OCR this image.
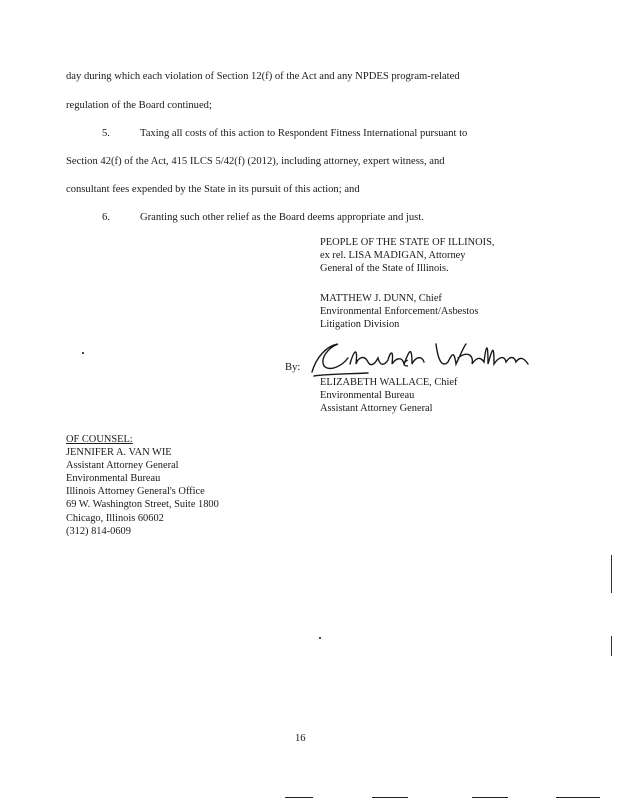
day during which each violation of Section 12(f) of the Act and any NPDES program-related
regulation of the Board continued;
5.	Taxing all costs of this action to Respondent Fitness International pursuant to
Section 42(f) of the Act, 415 ILCS 5/42(f) (2012), including attorney, expert witness, and
consultant fees expended by the State in its pursuit of this action; and
6.	Granting such other relief as the Board deems appropriate and just.
PEOPLE OF THE STATE OF ILLINOIS,
ex rel. LISA MADIGAN, Attorney
General of the State of Illinois.
MATTHEW J. DUNN, Chief
Environmental Enforcement/Asbestos
Litigation Division
By:
ELIZABETH WALLACE, Chief
Environmental Bureau
Assistant Attorney General
OF COUNSEL:
JENNIFER A. VAN WIE
Assistant Attorney General
Environmental Bureau
Illinois Attorney General's Office
69 W. Washington Street, Suite 1800
Chicago, Illinois 60602
(312) 814-0609
16
